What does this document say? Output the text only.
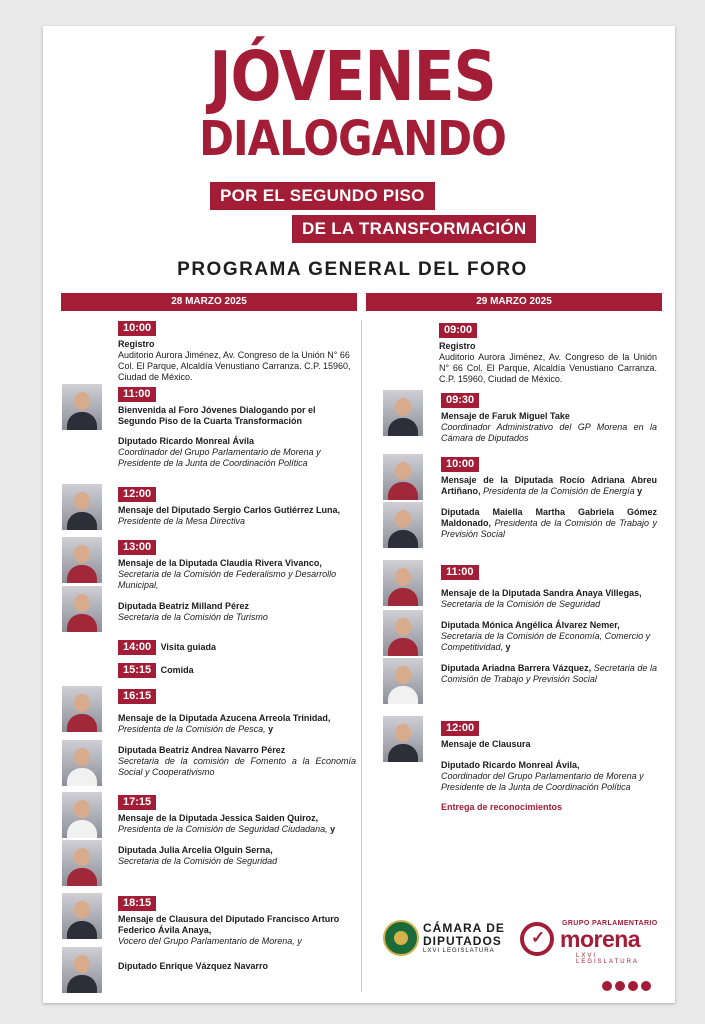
JÓVENES
DIALOGANDO
POR EL SEGUNDO PISO
DE LA TRANSFORMACIÓN
PROGRAMA GENERAL DEL FORO
28 MARZO 2025	29 MARZO 2025
10:00
Registro
Auditorio Aurora Jiménez, Av. Congreso de la Unión N° 66 Col. El Parque, Alcaldía Venustiano Carranza. C.P. 15960, Ciudad de México.
11:00
Bienvenida al Foro Jóvenes Dialogando por el Segundo Piso de la Cuarta Transformación
Diputado Ricardo Monreal Ávila
Coordinador del Grupo Parlamentario de Morena y Presidente de la Junta de Coordinación Política
12:00
Mensaje del Diputado Sergio Carlos Gutiérrez Luna,
Presidente de la Mesa Directiva
13:00
Mensaje de la Diputada Claudia Rivera Vivanco,
Secretaria de la Comisión de Federalismo y Desarrollo Municipal,
Diputada Beatriz Milland Pérez
Secretaria de la Comisión de Turismo
14:00 Visita guiada
15:15 Comida
16:15
Mensaje de la Diputada Azucena Arreola Trinidad,
Presidenta de la Comisión de Pesca, y
Diputada Beatriz Andrea Navarro Pérez
Secretaria de la comisión de Fomento a la Economía Social y Cooperativismo
17:15
Mensaje de la Diputada Jessica Saiden Quiroz,
Presidenta de la Comisión de Seguridad Ciudadana, y
Diputada Julia Arcelia Olguín Serna,
Secretaria de la Comisión de Seguridad
18:15
Mensaje de Clausura del Diputado Francisco Arturo Federico Ávila Anaya,
Vocero del Grupo Parlamentario de Morena, y
Diputado Enrique Vázquez Navarro
09:00
Registro
Auditorio Aurora Jiménez, Av. Congreso de la Unión N° 66 Col. El Parque, Alcaldía Venustiano Carranza. C.P. 15960, Ciudad de México.
09:30
Mensaje de Faruk Miguel Take
Coordinador Administrativo del GP Morena en la Cámara de Diputados
10:00
Mensaje de la Diputada Rocío Adriana Abreu Artiñano, Presidenta de la Comisión de Energía y
Diputada Maiella Martha Gabriela Gómez Maldonado, Presidenta de la Comisión de Trabajo y Previsión Social
11:00
Mensaje de la Diputada Sandra Anaya Villegas,
Secretaria de la Comisión de Seguridad
Diputada Mónica Angélica Álvarez Nemer,
Secretaria de la Comisión de Economía, Comercio y Competitividad, y
Diputada Ariadna Barrera Vázquez, Secretaria de la Comisión de Trabajo y Previsión Social
12:00
Mensaje de Clausura
Diputado Ricardo Monreal Ávila,
Coordinador del Grupo Parlamentario de Morena y Presidente de la Junta de Coordinación Política
Entrega de reconocimientos
CÁMARA DE DIPUTADOS
LXVI LEGISLATURA
✓
GRUPO PARLAMENTARIO
morena
LXVI LEGISLATURA
